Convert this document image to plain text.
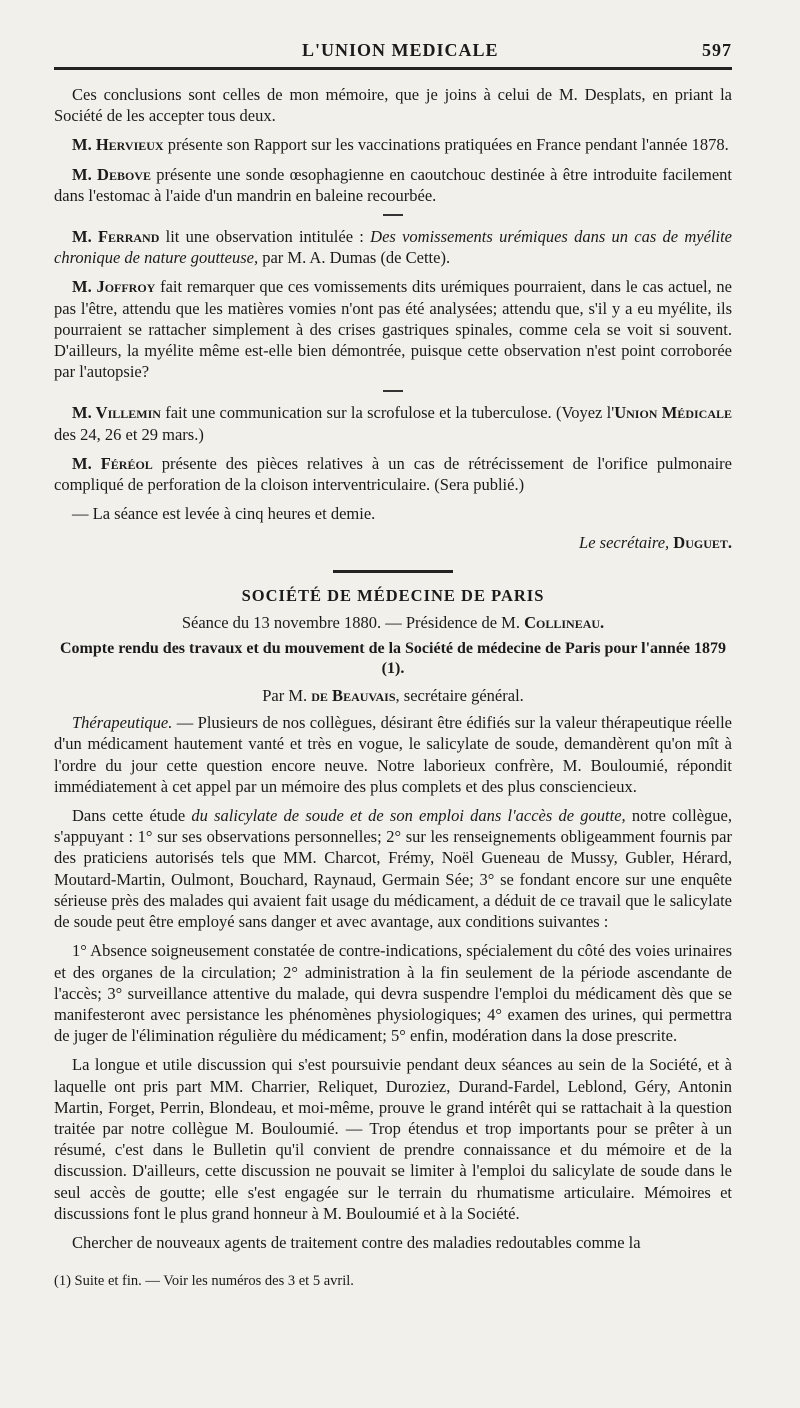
L'UNION MEDICALE	597

Ces conclusions sont celles de mon mémoire, que je joins à celui de M. Desplats, en priant la Société de les accepter tous deux.

M. Hervieux présente son Rapport sur les vaccinations pratiquées en France pendant l'année 1878.

M. Debove présente une sonde œsophagienne en caoutchouc destinée à être introduite facilement dans l'estomac à l'aide d'un mandrin en baleine recourbée.

M. Ferrand lit une observation intitulée : Des vomissements urémiques dans un cas de myélite chronique de nature goutteuse, par M. A. Dumas (de Cette).

M. Joffroy fait remarquer que ces vomissements dits urémiques pourraient, dans le cas actuel, ne pas l'être, attendu que les matières vomies n'ont pas été analysées; attendu que, s'il y a eu myélite, ils pourraient se rattacher simplement à des crises gastriques spinales, comme cela se voit si souvent. D'ailleurs, la myélite même est-elle bien démontrée, puisque cette observation n'est point corroborée par l'autopsie?

M. Villemin fait une communication sur la scrofulose et la tuberculose. (Voyez l'Union Médicale des 24, 26 et 29 mars.)

M. Féréol présente des pièces relatives à un cas de rétrécissement de l'orifice pulmonaire compliqué de perforation de la cloison interventriculaire. (Sera publié.)

— La séance est levée à cinq heures et demie.

Le secrétaire, Duguet.

SOCIÉTÉ DE MÉDECINE DE PARIS
Séance du 13 novembre 1880. — Présidence de M. Collineau.
Compte rendu des travaux et du mouvement de la Société de médecine de Paris pour l'année 1879 (1).
Par M. de Beauvais, secrétaire général.

Thérapeutique. — Plusieurs de nos collègues, désirant être édifiés sur la valeur thérapeutique réelle d'un médicament hautement vanté et très en vogue, le salicylate de soude, demandèrent qu'on mît à l'ordre du jour cette question encore neuve. Notre laborieux confrère, M. Bouloumié, répondit immédiatement à cet appel par un mémoire des plus complets et des plus consciencieux.

Dans cette étude du salicylate de soude et de son emploi dans l'accès de goutte, notre collègue, s'appuyant : 1° sur ses observations personnelles; 2° sur les renseignements obligeamment fournis par des praticiens autorisés tels que MM. Charcot, Frémy, Noël Gueneau de Mussy, Gubler, Hérard, Moutard-Martin, Oulmont, Bouchard, Raynaud, Germain Sée; 3° se fondant encore sur une enquête sérieuse près des malades qui avaient fait usage du médicament, a déduit de ce travail que le salicylate de soude peut être employé sans danger et avec avantage, aux conditions suivantes :

1° Absence soigneusement constatée de contre-indications, spécialement du côté des voies urinaires et des organes de la circulation; 2° administration à la fin seulement de la période ascendante de l'accès; 3° surveillance attentive du malade, qui devra suspendre l'emploi du médicament dès que se manifesteront avec persistance les phénomènes physiologiques; 4° examen des urines, qui permettra de juger de l'élimination régulière du médicament; 5° enfin, modération dans la dose prescrite.

La longue et utile discussion qui s'est poursuivie pendant deux séances au sein de la Société, et à laquelle ont pris part MM. Charrier, Reliquet, Duroziez, Durand-Fardel, Leblond, Géry, Antonin Martin, Forget, Perrin, Blondeau, et moi-même, prouve le grand intérêt qui se rattachait à la question traitée par notre collègue M. Bouloumié. — Trop étendus et trop importants pour se prêter à un résumé, c'est dans le Bulletin qu'il convient de prendre connaissance et du mémoire et de la discussion. D'ailleurs, cette discussion ne pouvait se limiter à l'emploi du salicylate de soude dans le seul accès de goutte; elle s'est engagée sur le terrain du rhumatisme articulaire. Mémoires et discussions font le plus grand honneur à M. Bouloumié et à la Société.

Chercher de nouveaux agents de traitement contre des maladies redoutables comme la

(1) Suite et fin. — Voir les numéros des 3 et 5 avril.
